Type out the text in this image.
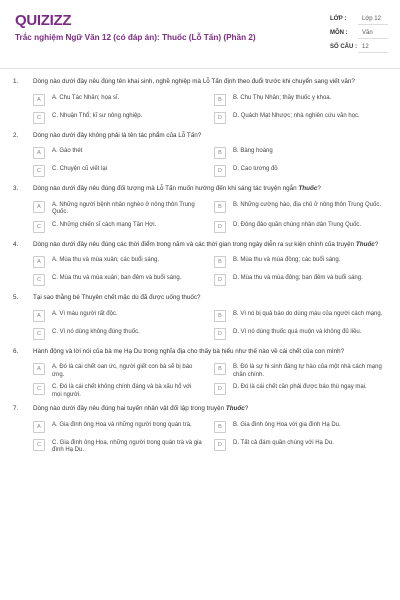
QUIZIZZ
Trắc nghiệm Ngữ Văn 12 (có đáp án): Thuốc (Lỗ Tấn) (Phần 2)
LỚP :	Lớp 12
MÔN :	Văn
SỐ CÂU : 12
1.	Dòng nào dưới đây nêu đúng tên khai sinh, nghề nghiệp mà Lỗ Tấn định theo đuổi trước khi chuyển sang viết văn?
A	A. Chu Tác Nhân; họa sĩ.	B	B. Chu Thụ Nhân; thầy thuốc y khoa.
C	C. Nhuận Thổ; kĩ sư nông nghiệp.	D	D. Quách Mạt Nhược; nhà nghiên cứu văn học.
2.	Dòng nào dưới đây không phải là tên tác phẩm của Lỗ Tấn?
A	A. Gào thét	B	B. Bàng hoàng
C	C. Chuyện cũ viết lại	D	D. Cao lương đỏ
3.	Dòng nào dưới đây nêu đúng đối tượng mà Lỗ Tấn muốn hướng đến khi sáng tác truyện ngắn Thuốc?
A	A. Những người bệnh nhân nghèo ở nông thôn Trung Quốc.
B	B. Những cường hào, địa chủ ở nông thôn Trung Quốc.
C	C. Những chiến sĩ cách mạng Tân Hợi.	D	D. Đông đảo quần chúng nhân dân Trung Quốc.
4.	Dòng nào dưới đây nêu đúng các thời điểm trong năm và các thời gian trong ngày diễn ra sự kiện chính của truyện Thuốc?
A	A. Mùa thu và mùa xuân; các buổi sáng.	B	B. Mùa thu và mùa đông; các buổi sáng.
C	C. Mùa thu và mùa xuân; ban đêm và buổi sáng.	D	D. Mùa thu và mùa đông; ban đêm và buổi sáng.
5.	Tại sao thằng bé Thuyên chết mặc dù đã được uống thuốc?
A	A. Vì máu người rất độc.	B	B. Vì nó bị quả báo do dùng máu của người cách mạng.
C	C. Vì nó dùng không đúng thuốc.	D	D. Vì nó dùng thuốc quá muộn và không đủ liều.
6.	Hành động và lời nói của bà mẹ Hạ Du trong nghĩa địa cho thấy bà hiểu như thế nào về cái chết của con mình?
A	A. Đó là cái chết oan ức, người giết con bà sẽ bị báo ứng.
B	B. Đó là sự hi sinh đáng tự hào của một nhà cách mạng chân chính.
C	C. Đó là cái chết không chính đáng và bà xấu hổ với mọi người.
D	D. Đó là cái chết cần phải được báo thù ngay mai.
7.	Dòng nào dưới đây nêu đúng hai tuyến nhân vật đối lập trong truyện Thuốc?
A	A. Gia đình ông Hoa và những người trong quán trà.	B	B. Gia đình ông Hoa với gia đình Hạ Du.
C	C. Gia đình ông Hoa, những người trong quán trà và gia đình Hạ Du.
D	D. Tất cả đám quần chúng với Hạ Du.
